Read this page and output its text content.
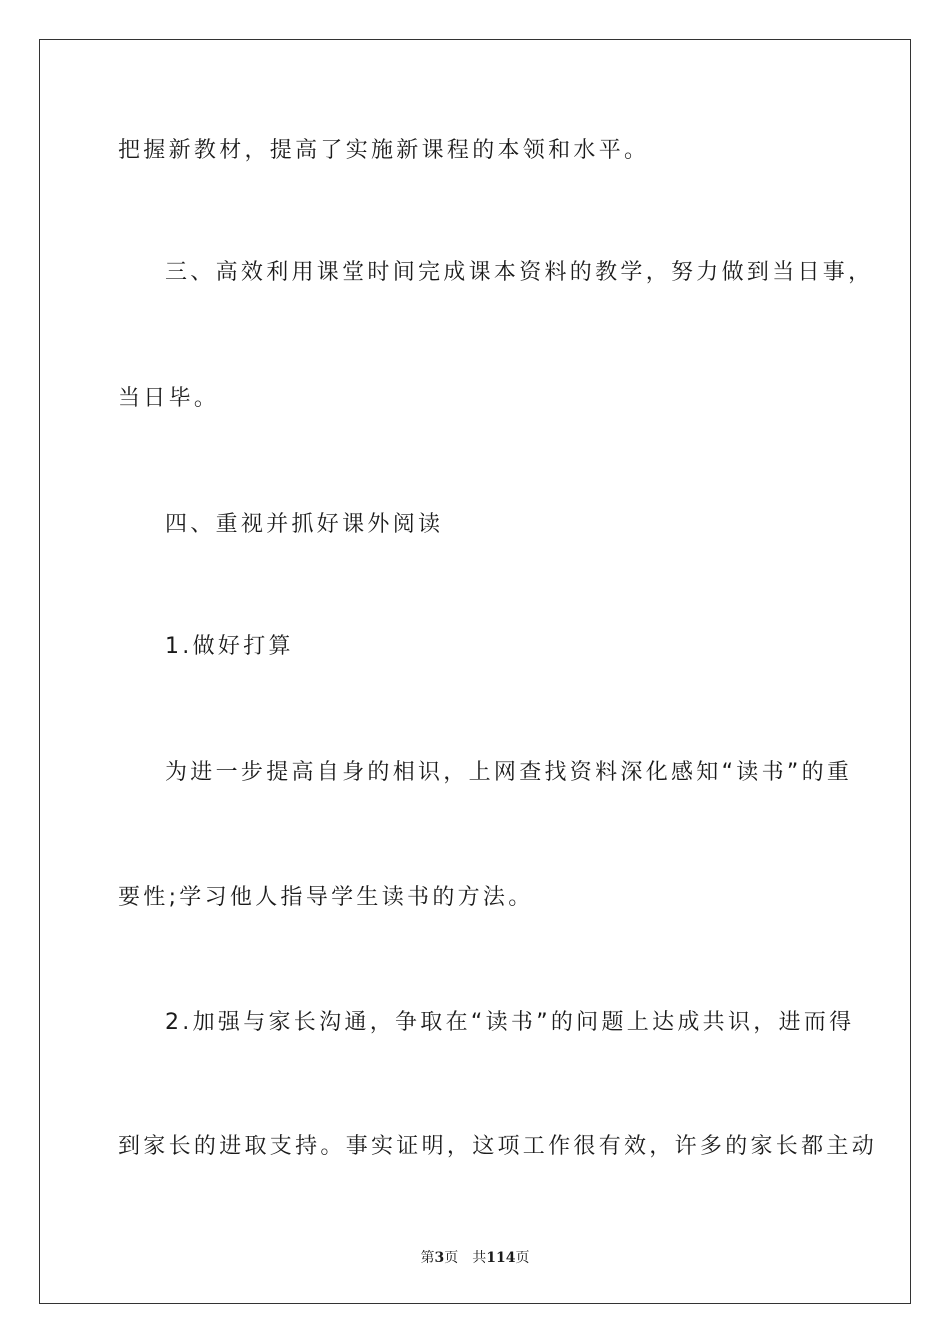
把握新教材，提高了实施新课程的本领和水平。
三、高效利用课堂时间完成课本资料的教学，努力做到当日事，
当日毕。
四、重视并抓好课外阅读
1.做好打算
为进一步提高自身的相识，上网查找资料深化感知“读书”的重
要性;学习他人指导学生读书的方法。
2.加强与家长沟通，争取在“读书”的问题上达成共识，进而得
到家长的进取支持。事实证明，这项工作很有效，许多的家长都主动
第3页 共114页
